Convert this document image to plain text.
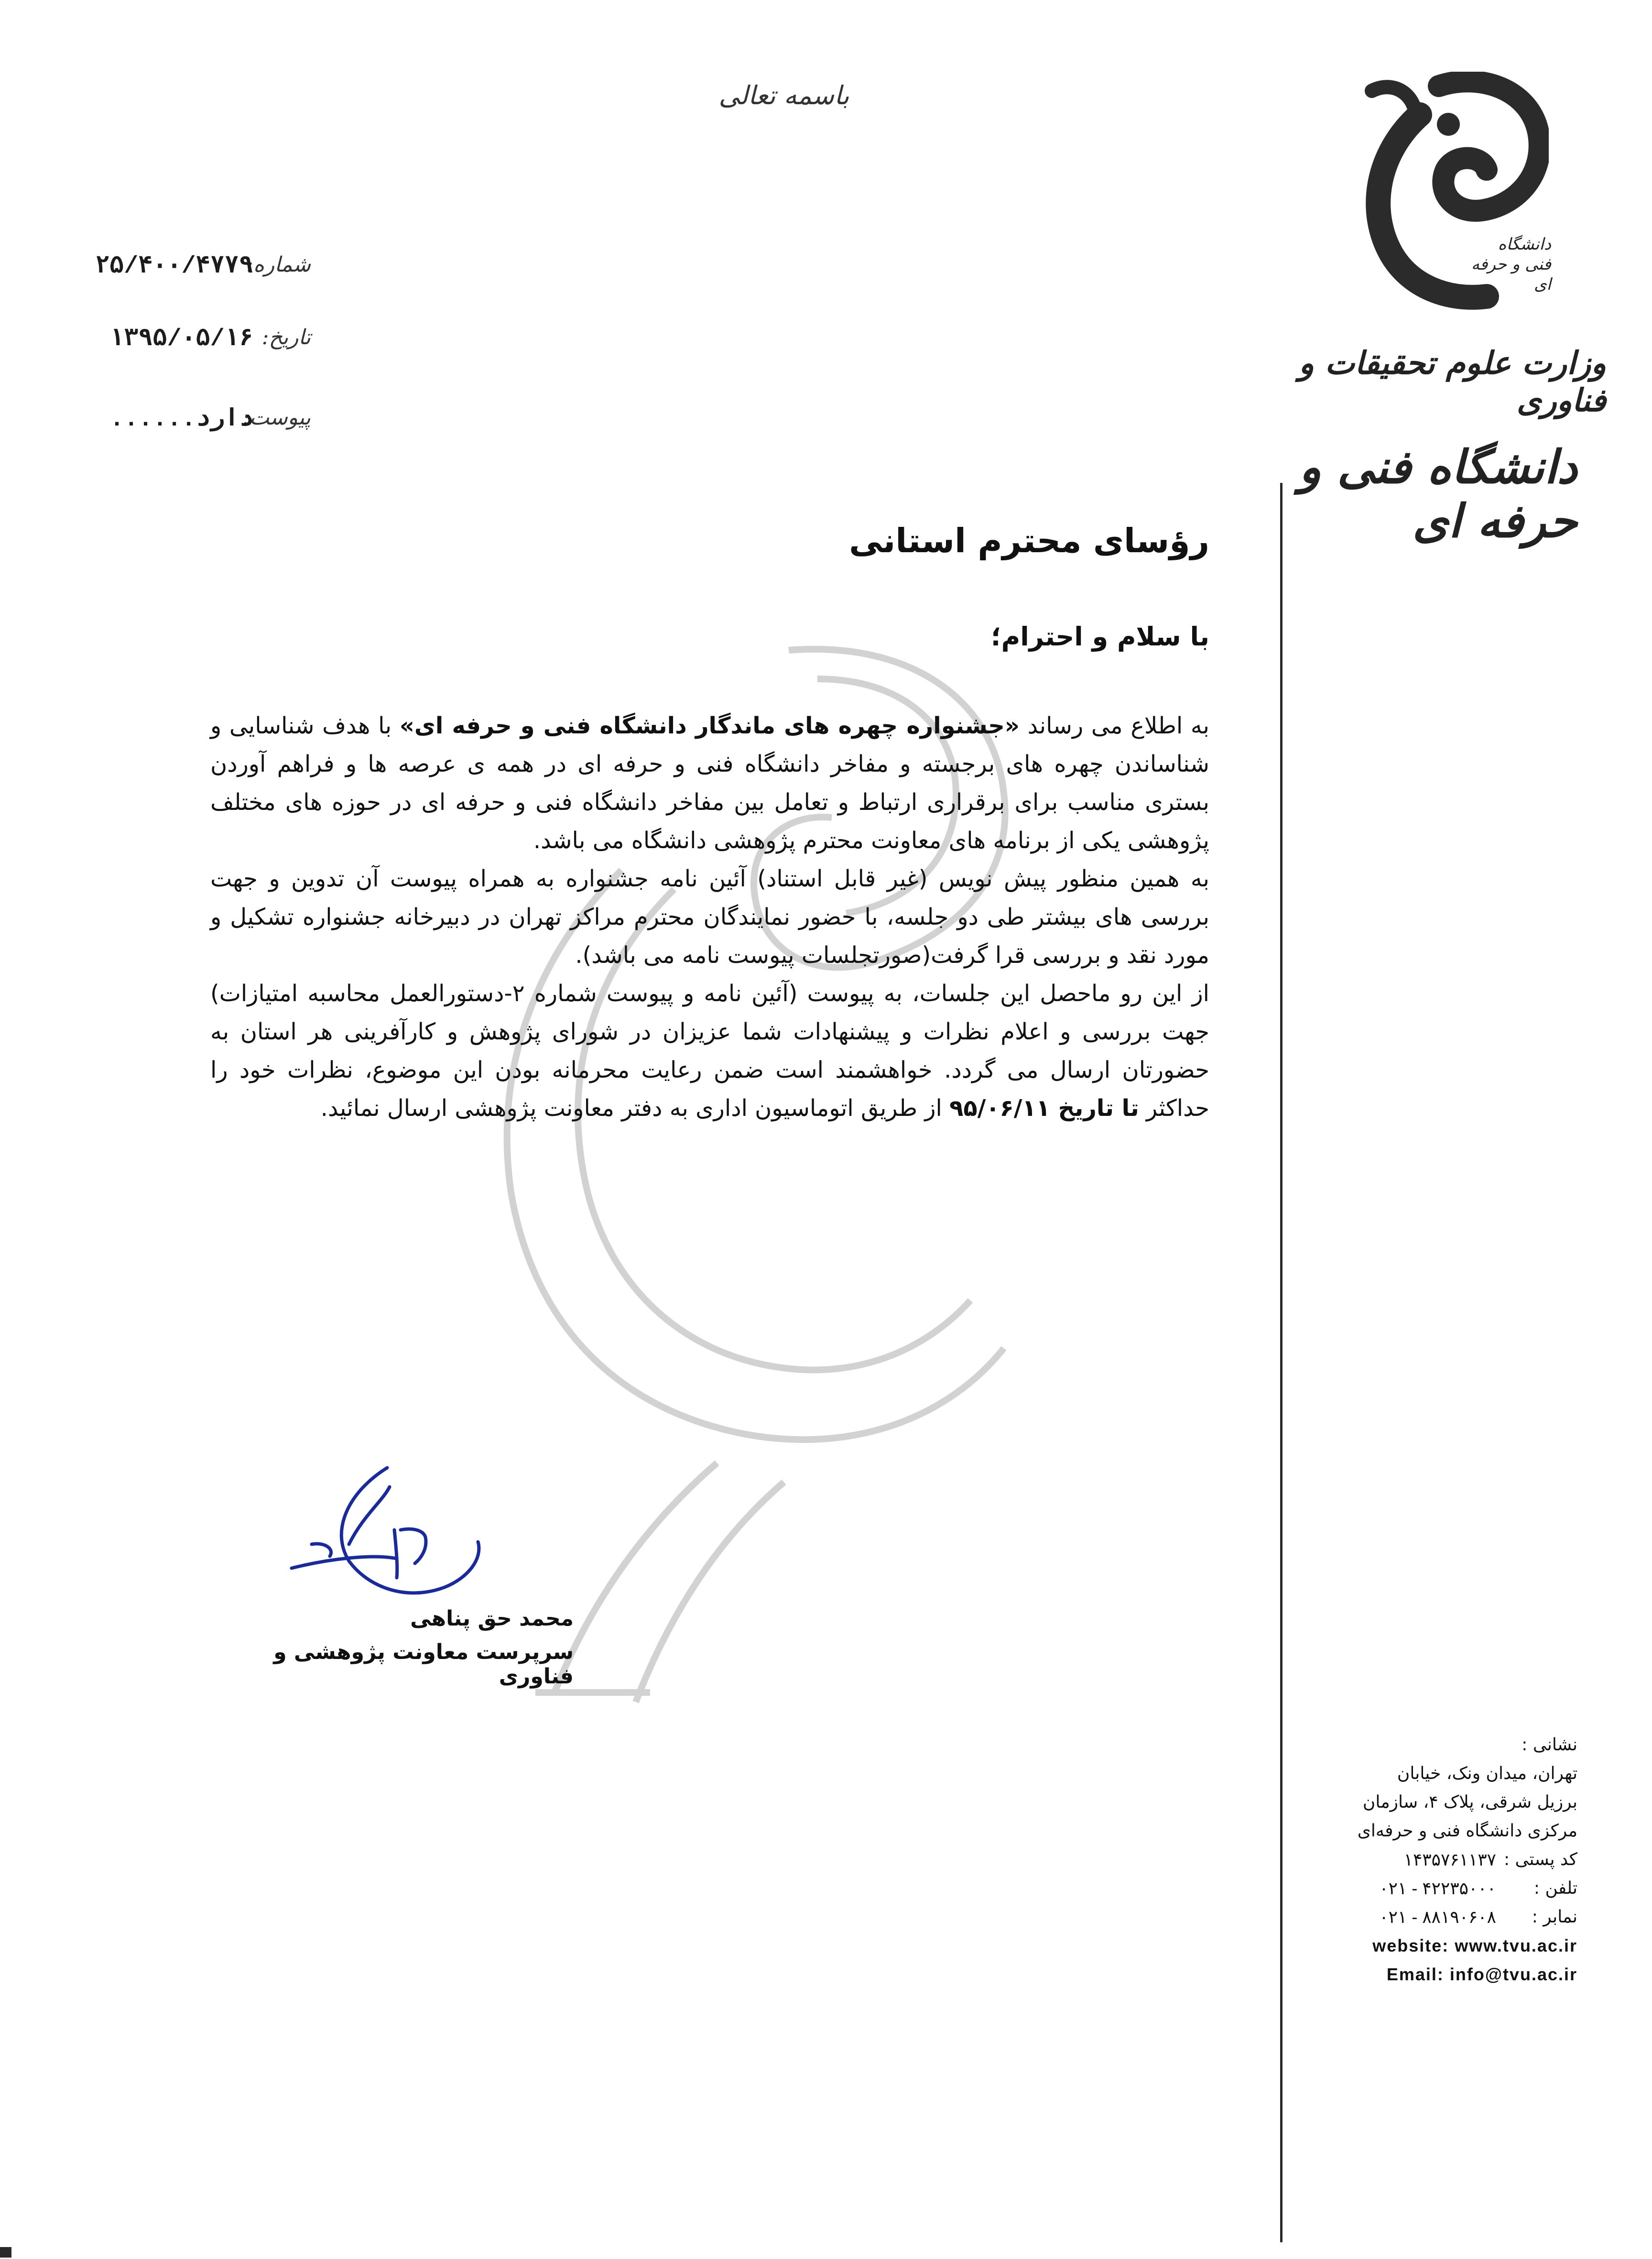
باسمه تعالی
دانشگاه
فنی و حرفه ای
وزارت علوم تحقیقات و فناوری
دانشگاه فنی و حرفه ای
شماره:
۲۵/۴۰۰/۴۷۷۹
تاریخ:
۱۳۹۵/۰۵/۱۶
پیوست:
دارد......
رؤسای محترم استانی
با سلام و احترام؛

به اطلاع می رساند «جشنواره چهره های ماندگار دانشگاه فنی و حرفه ای» با هدف شناسایی و شناساندن چهره های برجسته و مفاخر دانشگاه فنی و حرفه ای در همه ی عرصه ها و فراهم آوردن بستری مناسب برای برقراری ارتباط و تعامل بین مفاخر دانشگاه فنی و حرفه ای در حوزه های مختلف پژوهشی یکی از برنامه های معاونت محترم پژوهشی دانشگاه می باشد.

به همین منظور پیش نویس (غیر قابل استناد) آئین نامه جشنواره به همراه پیوست آن تدوین و جهت بررسی های بیشتر طی دو جلسه، با حضور نمایندگان محترم مراکز تهران در دبیرخانه جشنواره تشکیل و مورد نقد و بررسی قرا گرفت(صورتجلسات پیوست نامه می باشد).

از این رو ماحصل این جلسات، به پیوست (آئین نامه و پیوست شماره ۲-دستورالعمل محاسبه امتیازات) جهت بررسی و اعلام نظرات و پیشنهادات شما عزیزان در شورای پژوهش و کارآفرینی هر استان به حضورتان ارسال می گردد. خواهشمند است ضمن رعایت محرمانه بودن این موضوع، نظرات خود را حداکثر تا تاریخ ۹۵/۰۶/۱۱ از طریق اتوماسیون اداری به دفتر معاونت پژوهشی ارسال نمائید.

محمد حق پناهی
سرپرست معاونت پژوهشی و فناوری
نشانی :
تهران، میدان ونک، خیابان
برزیل شرقی، پلاک ۴، سازمان
مرکزی دانشگاه فنی و حرفه‌ای
کد پستی :
۱۴۳۵۷۶۱۱۳۷
تلفن :
۰۲۱ - ۴۲۲۳۵۰۰۰
نمابر :
۰۲۱ - ۸۸۱۹۰۶۰۸
website: www.tvu.ac.ir
Email: info@tvu.ac.ir
